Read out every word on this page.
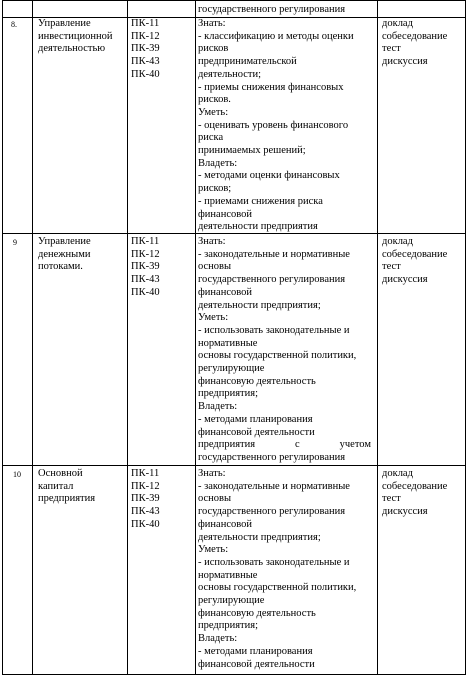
государственного регулирования
8. Управление
инвестиционной
деятельностью
ПК-11
ПК-12
ПК-39
ПК-43
ПК-40
Знать:
- классификацию и методы оценки
рисков
предпринимательской
деятельности;
- приемы снижения финансовых
рисков.
Уметь:
- оценивать уровень финансового
риска
принимаемых решений;
Владеть:
- методами оценки финансовых
рисков;
- приемами снижения риска
финансовой
деятельности предприятия
доклад
собеседование
тест
дискуссия
9 Управление
денежными
потоками.
ПК-11
ПК-12
ПК-39
ПК-43
ПК-40
Знать:
- законодательные и нормативные
основы
государственного регулирования
финансовой
деятельности предприятия;
Уметь:
- использовать законодательные и
нормативные
основы государственной политики,
регулирующие
финансовую деятельность
предприятия;
Владеть:
- методами планирования
финансовой деятельности
предприятия	с	учетом
государственного регулирования
доклад
собеседование
тест
дискуссия
10 Основной
капитал
предприятия
ПК-11
ПК-12
ПК-39
ПК-43
ПК-40
Знать:
- законодательные и нормативные
основы
государственного регулирования
финансовой
деятельности предприятия;
Уметь:
- использовать законодательные и
нормативные
основы государственной политики,
регулирующие
финансовую деятельность
предприятия;
Владеть:
- методами планирования
финансовой деятельности
доклад
собеседование
тест
дискуссия
